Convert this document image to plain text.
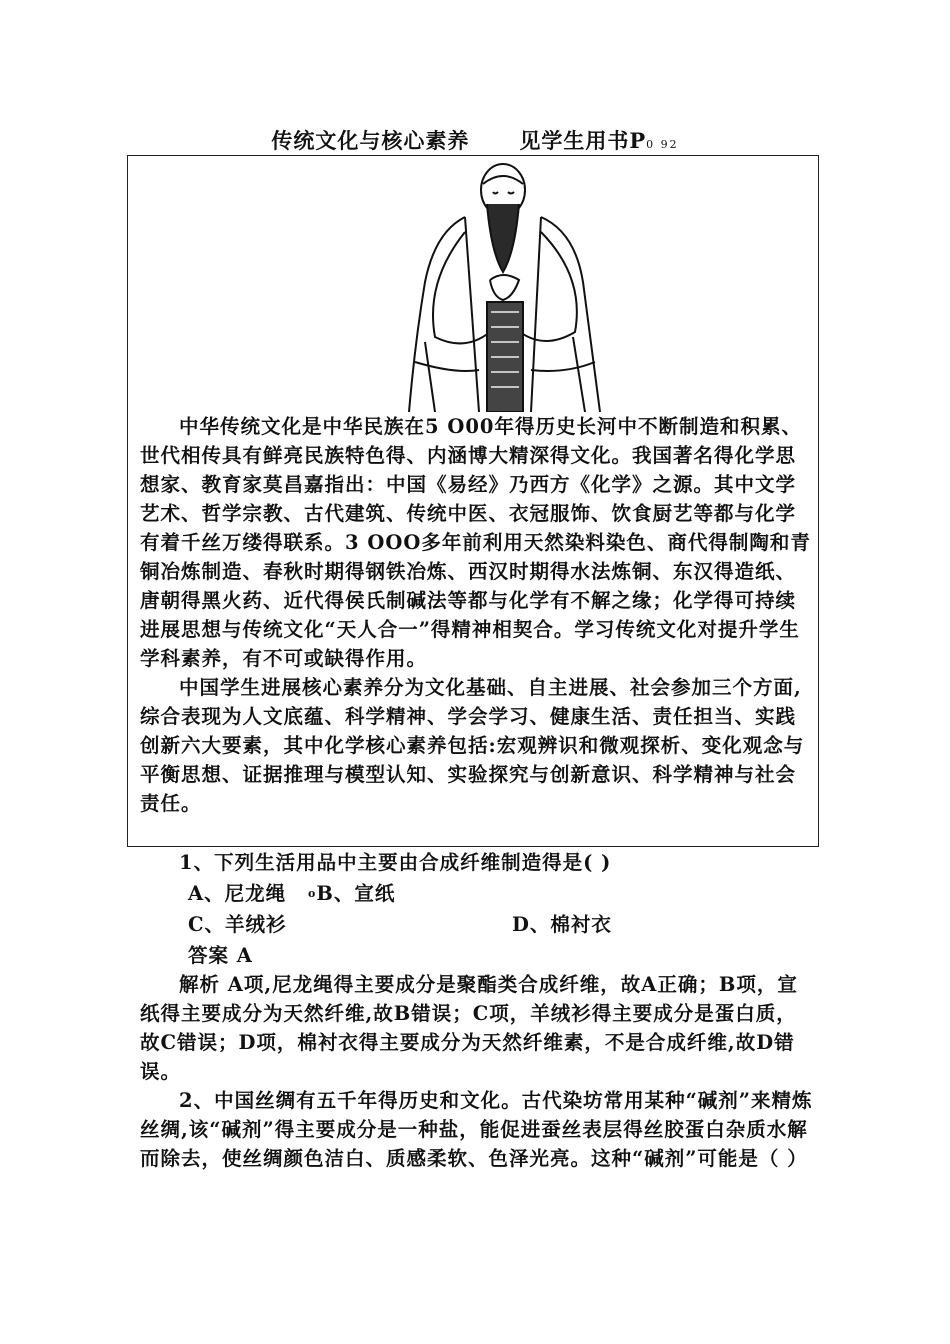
传统文化与核心素养 见学生用书P0 92

中华传统文化是中华民族在5 O00年得历史长河中不断制造和积累、世代相传具有鲜亮民族特色得、内涵博大精深得文化。我国著名得化学思想家、教育家莫昌嘉指出：中国《易经》乃西方《化学》之源。其中文学艺术、哲学宗教、古代建筑、传统中医、衣冠服饰、饮食厨艺等都与化学有着千丝万缕得联系。3 OOO多年前利用天然染料染色、商代得制陶和青铜冶炼制造、春秋时期得钢铁冶炼、西汉时期得水法炼铜、东汉得造纸、唐朝得黑火药、近代得侯氏制碱法等都与化学有不解之缘；化学得可持续进展思想与传统文化“天人合一”得精神相契合。学习传统文化对提升学生学科素养，有不可或缺得作用。

中国学生进展核心素养分为文化基础、自主进展、社会参加三个方面,综合表现为人文底蕴、科学精神、学会学习、健康生活、责任担当、实践创新六大要素，其中化学核心素养包括:宏观辨识和微观探析、变化观念与平衡思想、证据推理与模型认知、实验探究与创新意识、科学精神与社会责任。

1、下列生活用品中主要由合成纤维制造得是( )

A、尼龙绳	o B、宣纸
C、羊绒衫	D、棉衬衣
答案 A

解析 A项,尼龙绳得主要成分是聚酯类合成纤维，故A正确；B项，宣纸得主要成分为天然纤维,故B错误；C项，羊绒衫得主要成分是蛋白质，故C错误；D项，棉衬衣得主要成分为天然纤维素，不是合成纤维,故D错误。

2、中国丝绸有五千年得历史和文化。古代染坊常用某种“碱剂”来精炼丝绸,该“碱剂”得主要成分是一种盐，能促进蚕丝表层得丝胶蛋白杂质水解而除去，使丝绸颜色洁白、质感柔软、色泽光亮。这种“碱剂”可能是（ ）
